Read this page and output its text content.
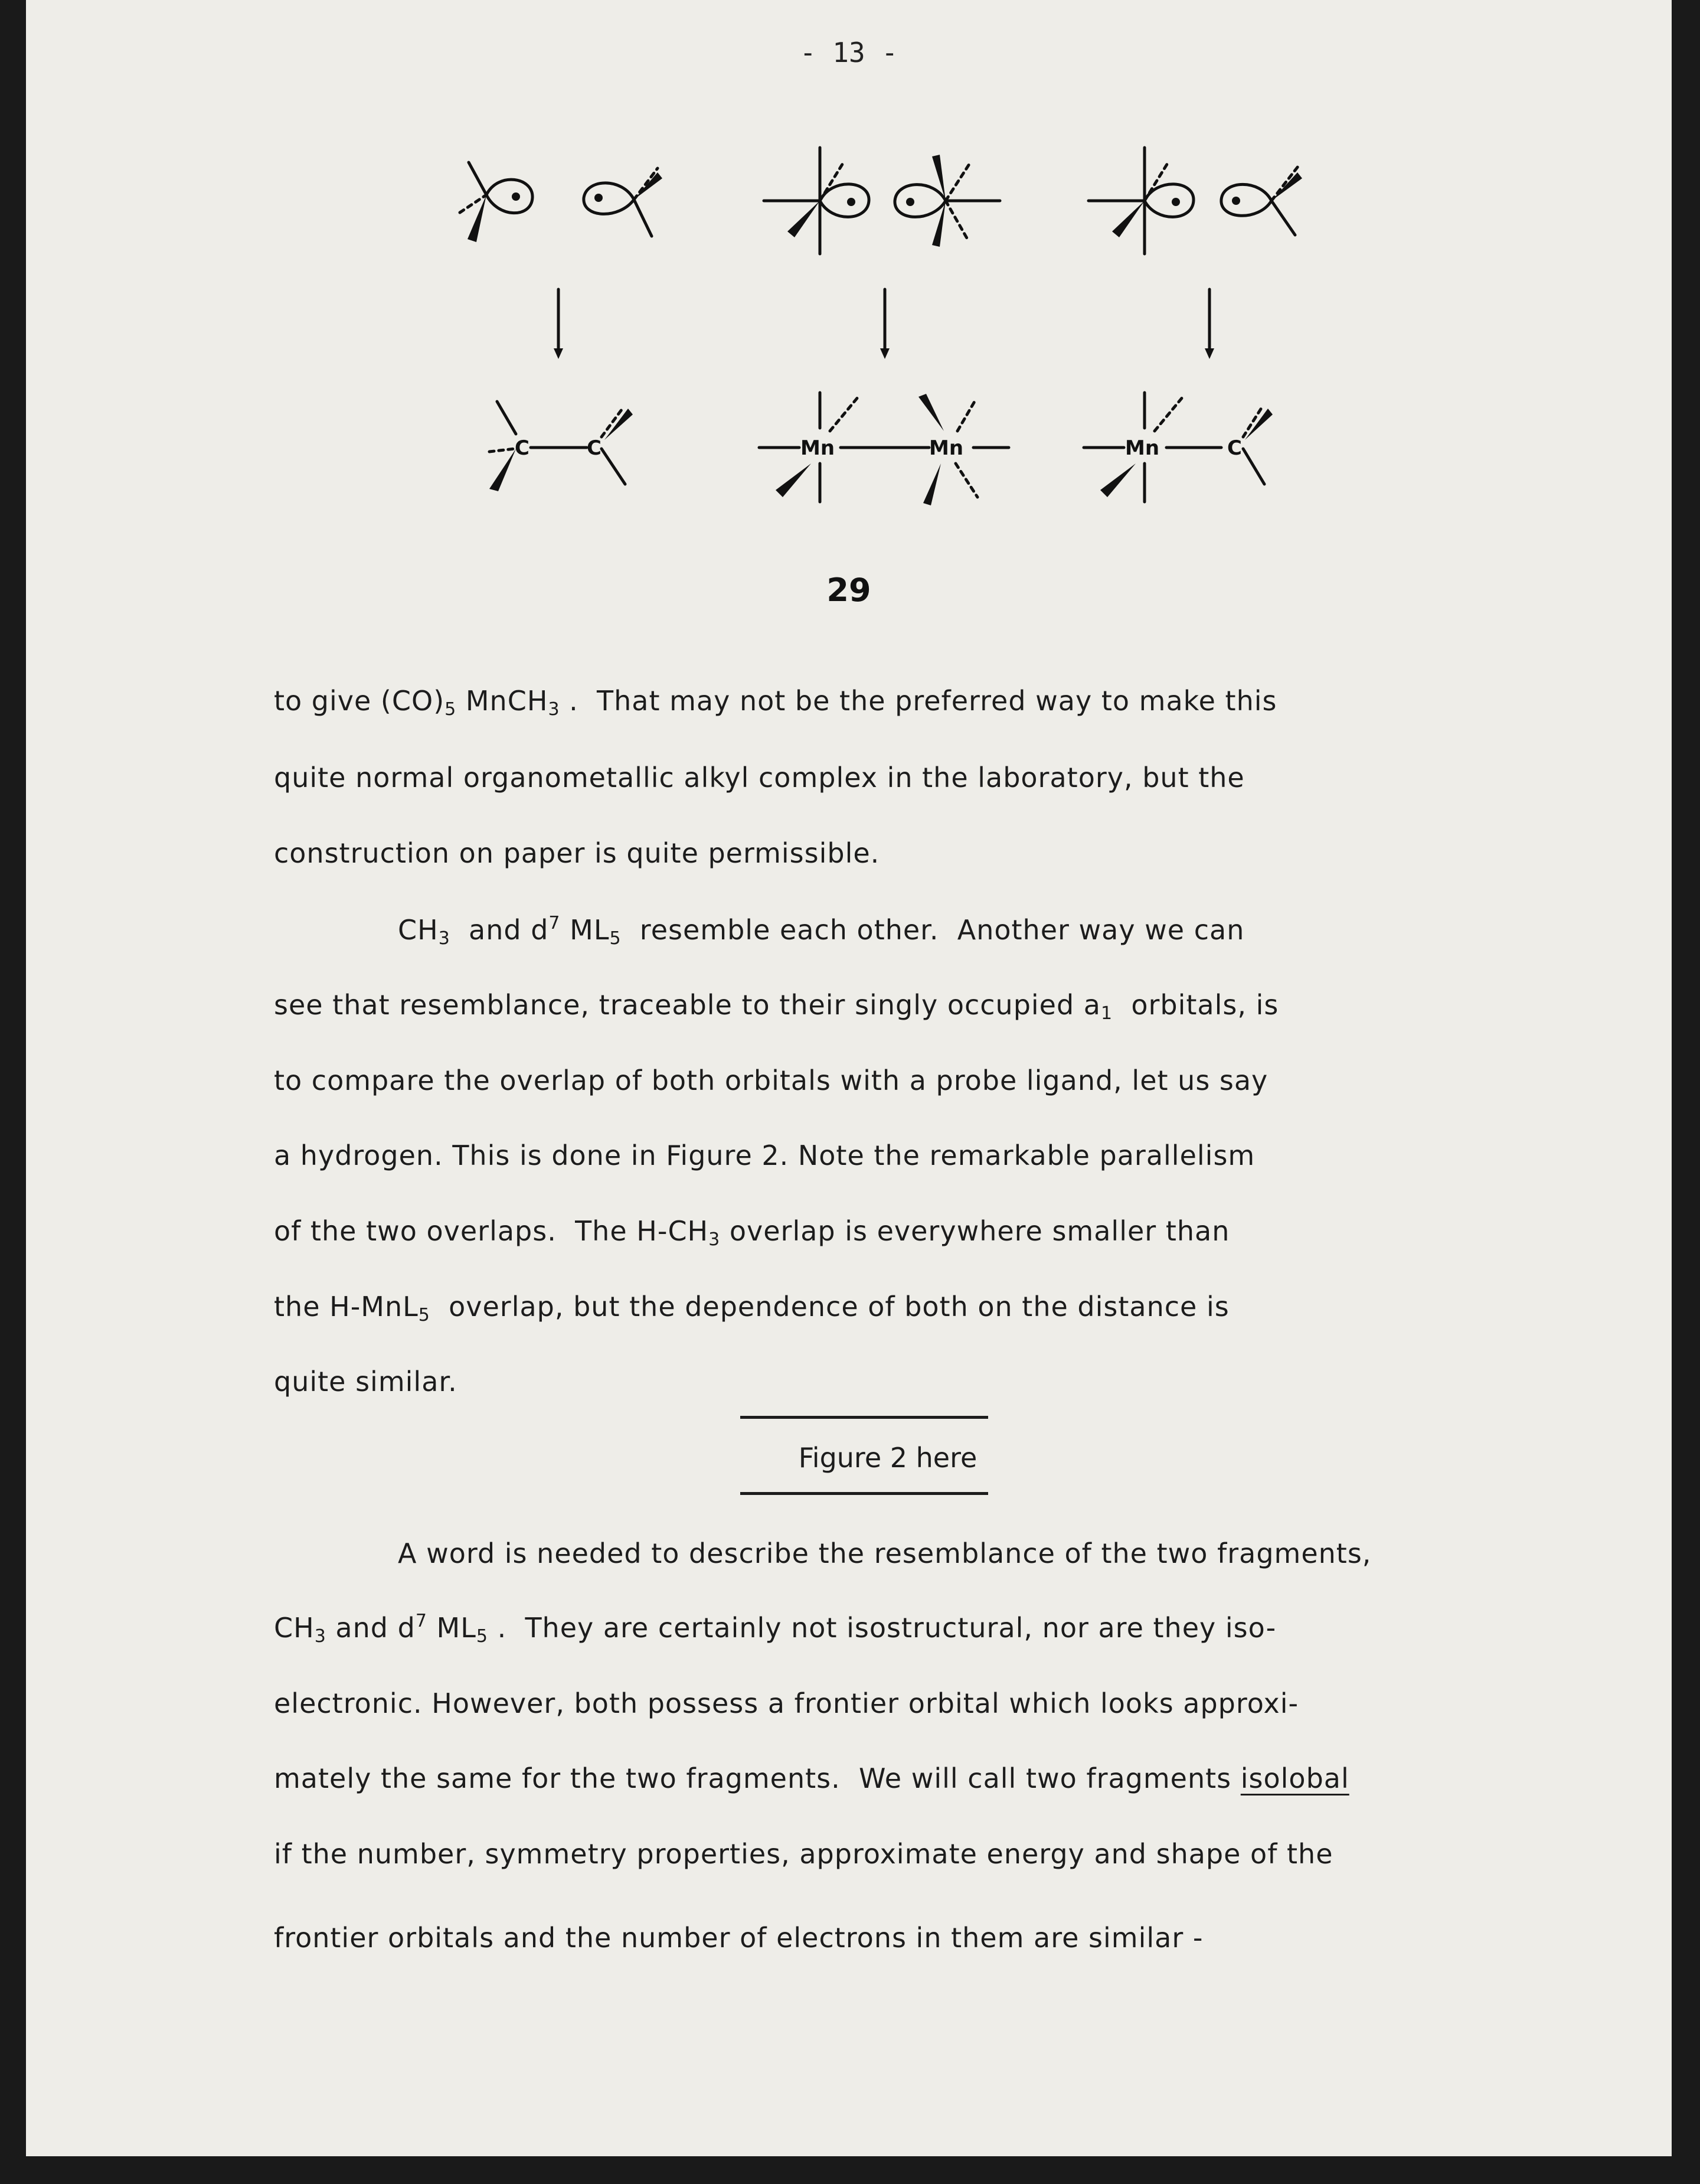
- 13 -
C	C	Mn	Mn	Mn	C
29
to give $(CO)_5$ MnCH$_3$ .  That may not be the preferred way to make this
quite normal organometallic alkyl complex in the laboratory, but the
construction on paper is quite permissible.
$CH_3$  and $d^7$ $ML_5$  resemble each other.  Another way we can
see that resemblance, traceable to their singly occupied $a_1$  orbitals, is
to compare the overlap of both orbitals with a probe ligand, let us say
a hydrogen. This is done in Figure 2. Note the remarkable parallelism
of the two overlaps.  The $H-CH_3$ overlap is everywhere smaller than
the H-MnL$_5$  overlap, but the dependence of both on the distance is
quite similar.
Figure 2 here
A word is needed to describe the resemblance of the two fragments,
$CH_3$ and $d^7$ $ML_5$ .  They are certainly not isostructural, nor are they iso-
electronic. However, both possess a frontier orbital which looks approxi-
mately the same for the two fragments.  We will call two fragments isolobal
if the number, symmetry properties, approximate energy and shape of the
frontier orbitals and the number of electrons in them are similar -
